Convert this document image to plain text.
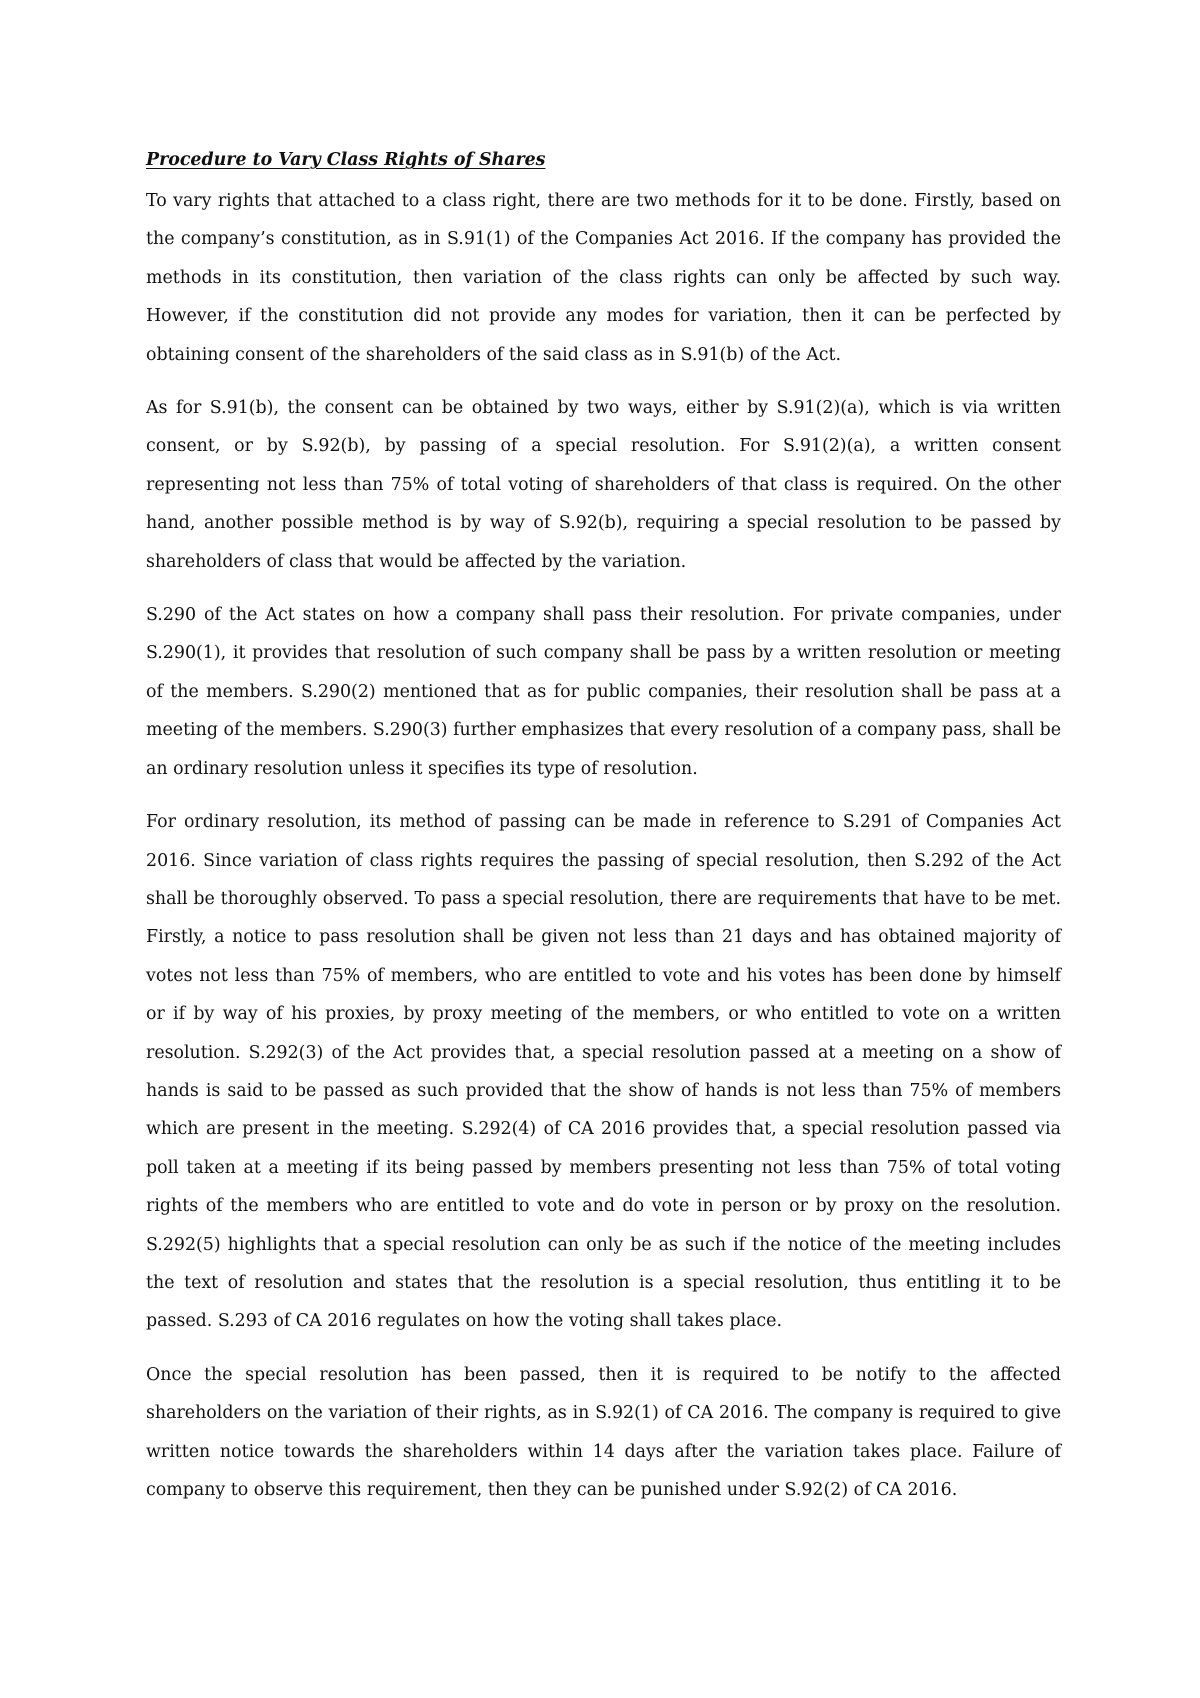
Procedure to Vary Class Rights of Shares

To vary rights that attached to a class right, there are two methods for it to be done. Firstly, based on the company’s constitution, as in S.91(1) of the Companies Act 2016. If the company has provided the methods in its constitution, then variation of the class rights can only be affected by such way. However, if the constitution did not provide any modes for variation, then it can be perfected by obtaining consent of the shareholders of the said class as in S.91(b) of the Act.

As for S.91(b), the consent can be obtained by two ways, either by S.91(2)(a), which is via written consent, or by S.92(b), by passing of a special resolution. For S.91(2)(a), a written consent representing not less than 75% of total voting of shareholders of that class is required. On the other hand, another possible method is by way of S.92(b), requiring a special resolution to be passed by shareholders of class that would be affected by the variation.

S.290 of the Act states on how a company shall pass their resolution. For private companies, under S.290(1), it provides that resolution of such company shall be pass by a written resolution or meeting of the members. S.290(2) mentioned that as for public companies, their resolution shall be pass at a meeting of the members. S.290(3) further emphasizes that every resolution of a company pass, shall be an ordinary resolution unless it specifies its type of resolution.

For ordinary resolution, its method of passing can be made in reference to S.291 of Companies Act 2016. Since variation of class rights requires the passing of special resolution, then S.292 of the Act shall be thoroughly observed. To pass a special resolution, there are requirements that have to be met. Firstly, a notice to pass resolution shall be given not less than 21 days and has obtained majority of votes not less than 75% of members, who are entitled to vote and his votes has been done by himself or if by way of his proxies, by proxy meeting of the members, or who entitled to vote on a written resolution. S.292(3) of the Act provides that, a special resolution passed at a meeting on a show of hands is said to be passed as such provided that the show of hands is not less than 75% of members which are present in the meeting. S.292(4) of CA 2016 provides that, a special resolution passed via poll taken at a meeting if its being passed by members presenting not less than 75% of total voting rights of the members who are entitled to vote and do vote in person or by proxy on the resolution. S.292(5) highlights that a special resolution can only be as such if the notice of the meeting includes the text of resolution and states that the resolution is a special resolution, thus entitling it to be passed. S.293 of CA 2016 regulates on how the voting shall takes place.

Once the special resolution has been passed, then it is required to be notify to the affected shareholders on the variation of their rights, as in S.92(1) of CA 2016. The company is required to give written notice towards the shareholders within 14 days after the variation takes place. Failure of company to observe this requirement, then they can be punished under S.92(2) of CA 2016.
